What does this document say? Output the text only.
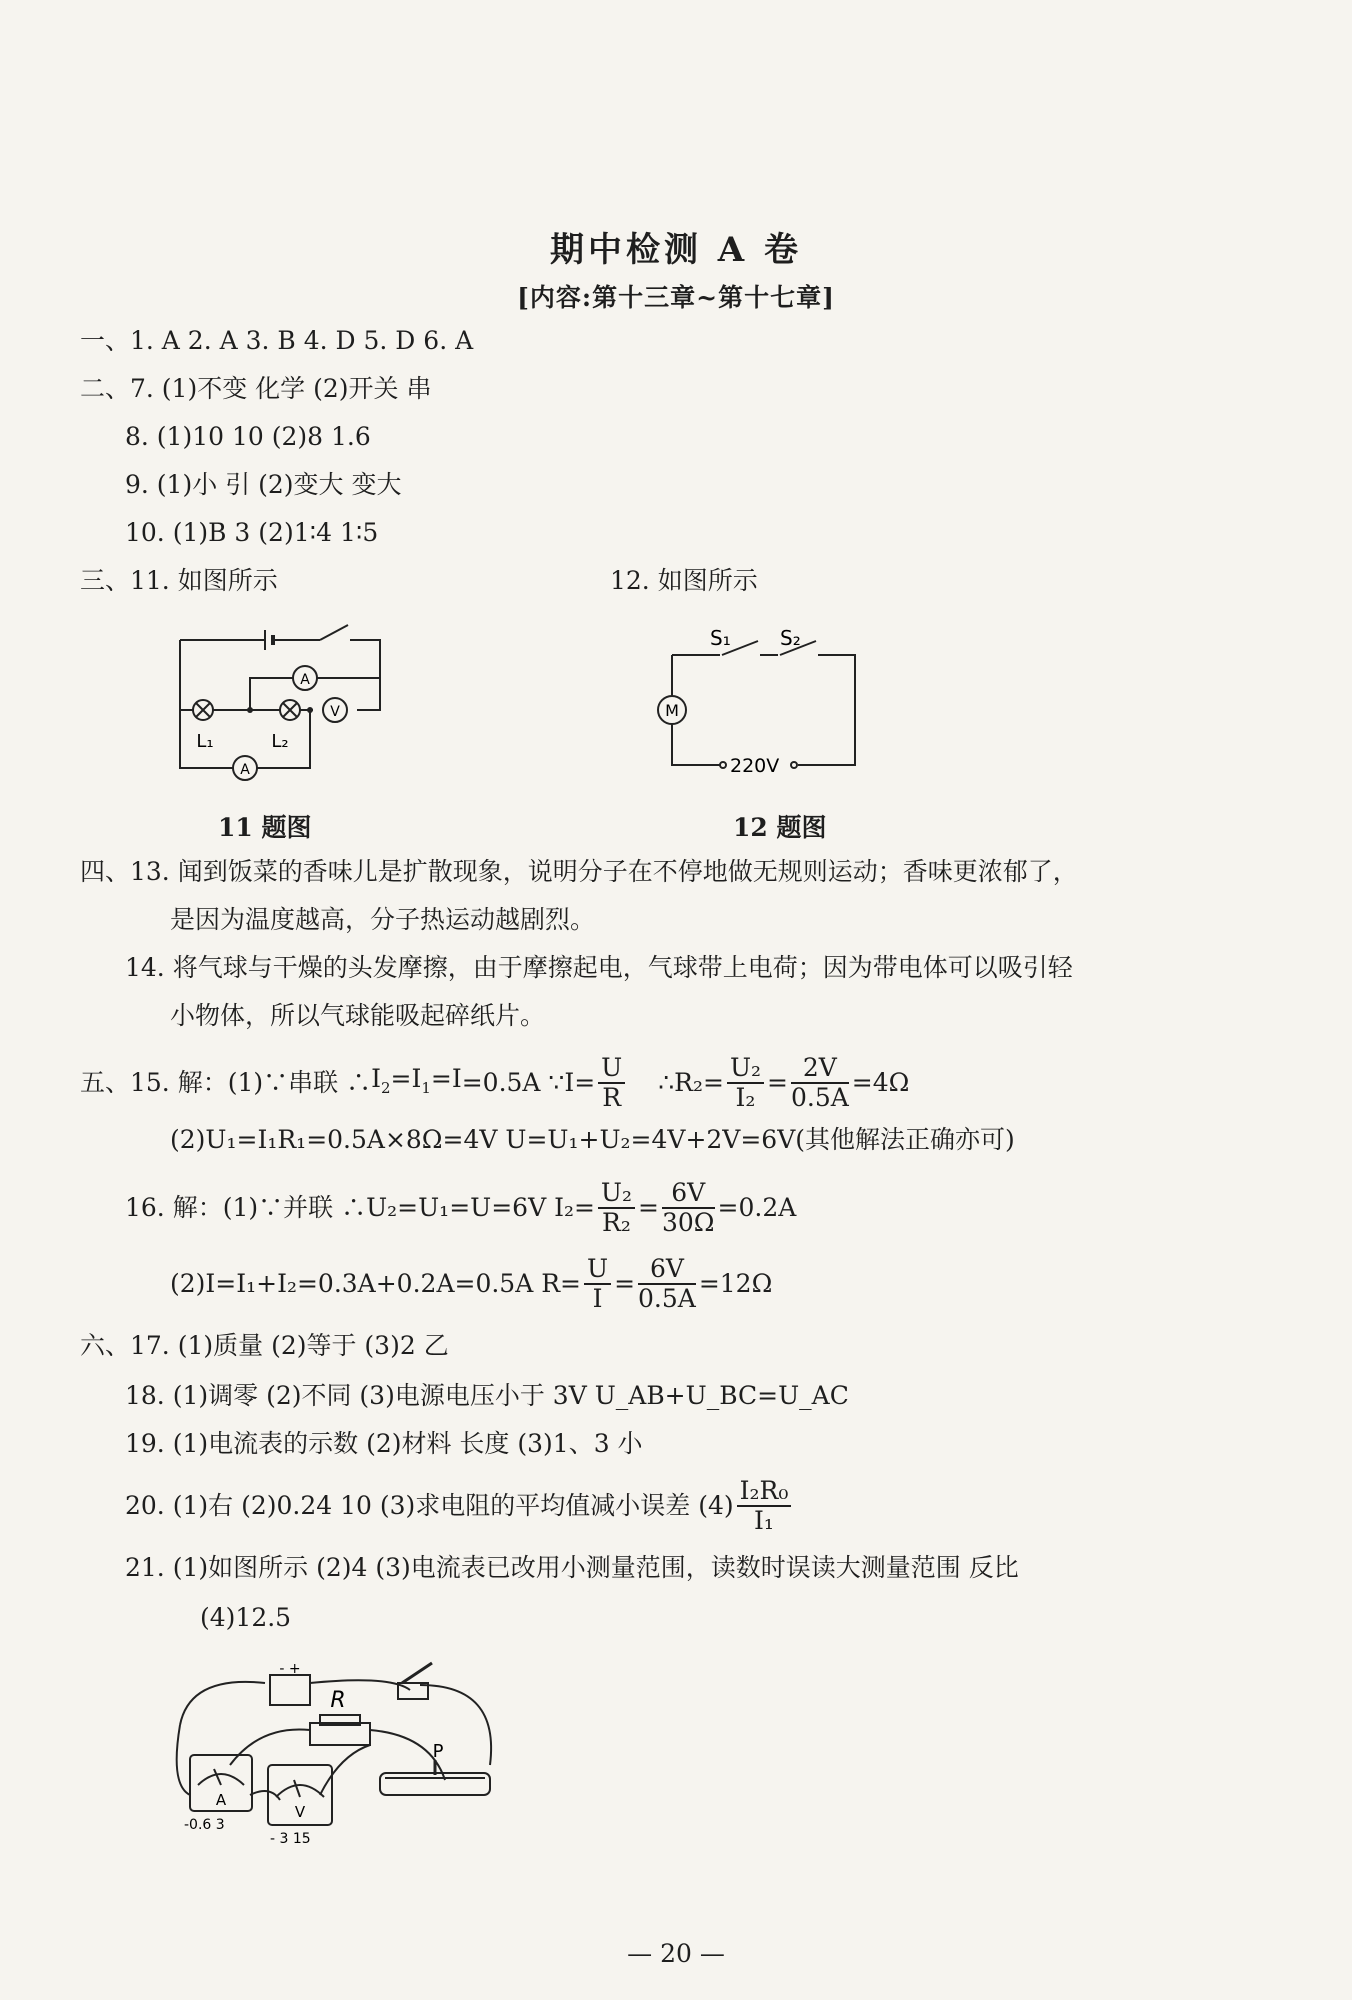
期中检测 A 卷
[内容:第十三章~第十七章]
一、1. A 2. A 3. B 4. D 5. D 6. A
二、7. (1)不变 化学 (2)开关 串
8. (1)10 10 (2)8 1.6
9. (1)小 引 (2)变大 变大
10. (1)B 3 (2)1∶4 1∶5
三、11. 如图所示	12. 如图所示
A
A
V
L₁	L₂
M
S₁ S₂
220V
11 题图	12 题图
四、13. 闻到饭菜的香味儿是扩散现象，说明分子在不停地做无规则运动；香味更浓郁了，
是因为温度越高，分子热运动越剧烈。
14. 将气球与干燥的头发摩擦，由于摩擦起电，气球带上电荷；因为带电体可以吸引轻
小物体，所以气球能吸起碎纸片。
五、15. 解：(1)∵串联 ∴ $I_2=I_1=I =0.5A$ ∵I= $\frac{U}{R}$ ∴R₂= $\frac{\text{U₂}}{\text{I₂}} = \frac{2V}{0.5A} =4\Omega$
(2)U₁=I₁R₁=0.5A×8Ω=4V U=U₁+U₂=4V+2V=6V(其他解法正确亦可)
16. 解：(1)∵并联 ∴U₂=U₁=U=6V $I_2= \frac{\text{U₂}}{\text{R₂}} = \frac{6V}{30\Omega} =0.2A$
(2)I=I₁+I₂=0.3A+0.2A=0.5A $R= \frac{U}{I} = \frac{6V}{0.5A} =12\Omega$
六、17. (1)质量 (2)等于 (3)2 乙
18. (1)调零 (2)不同 (3)电源电压小于 3V U_AB+U_BC=U_AC
19. (1)电流表的示数 (2)材料 长度 (3)1、3 小
20. (1)右 (2)0.24 10 (3)求电阻的平均值减小误差 $(4) \frac{\text{I₂R₀}}{\text{I₁}}$
21. (1)如图所示 (2)4 (3)电流表已改用小测量范围，读数时误读大测量范围 反比
(4)12.5
- +
R
P
A
V
-0.6 3
- 3 15
— 20 —
